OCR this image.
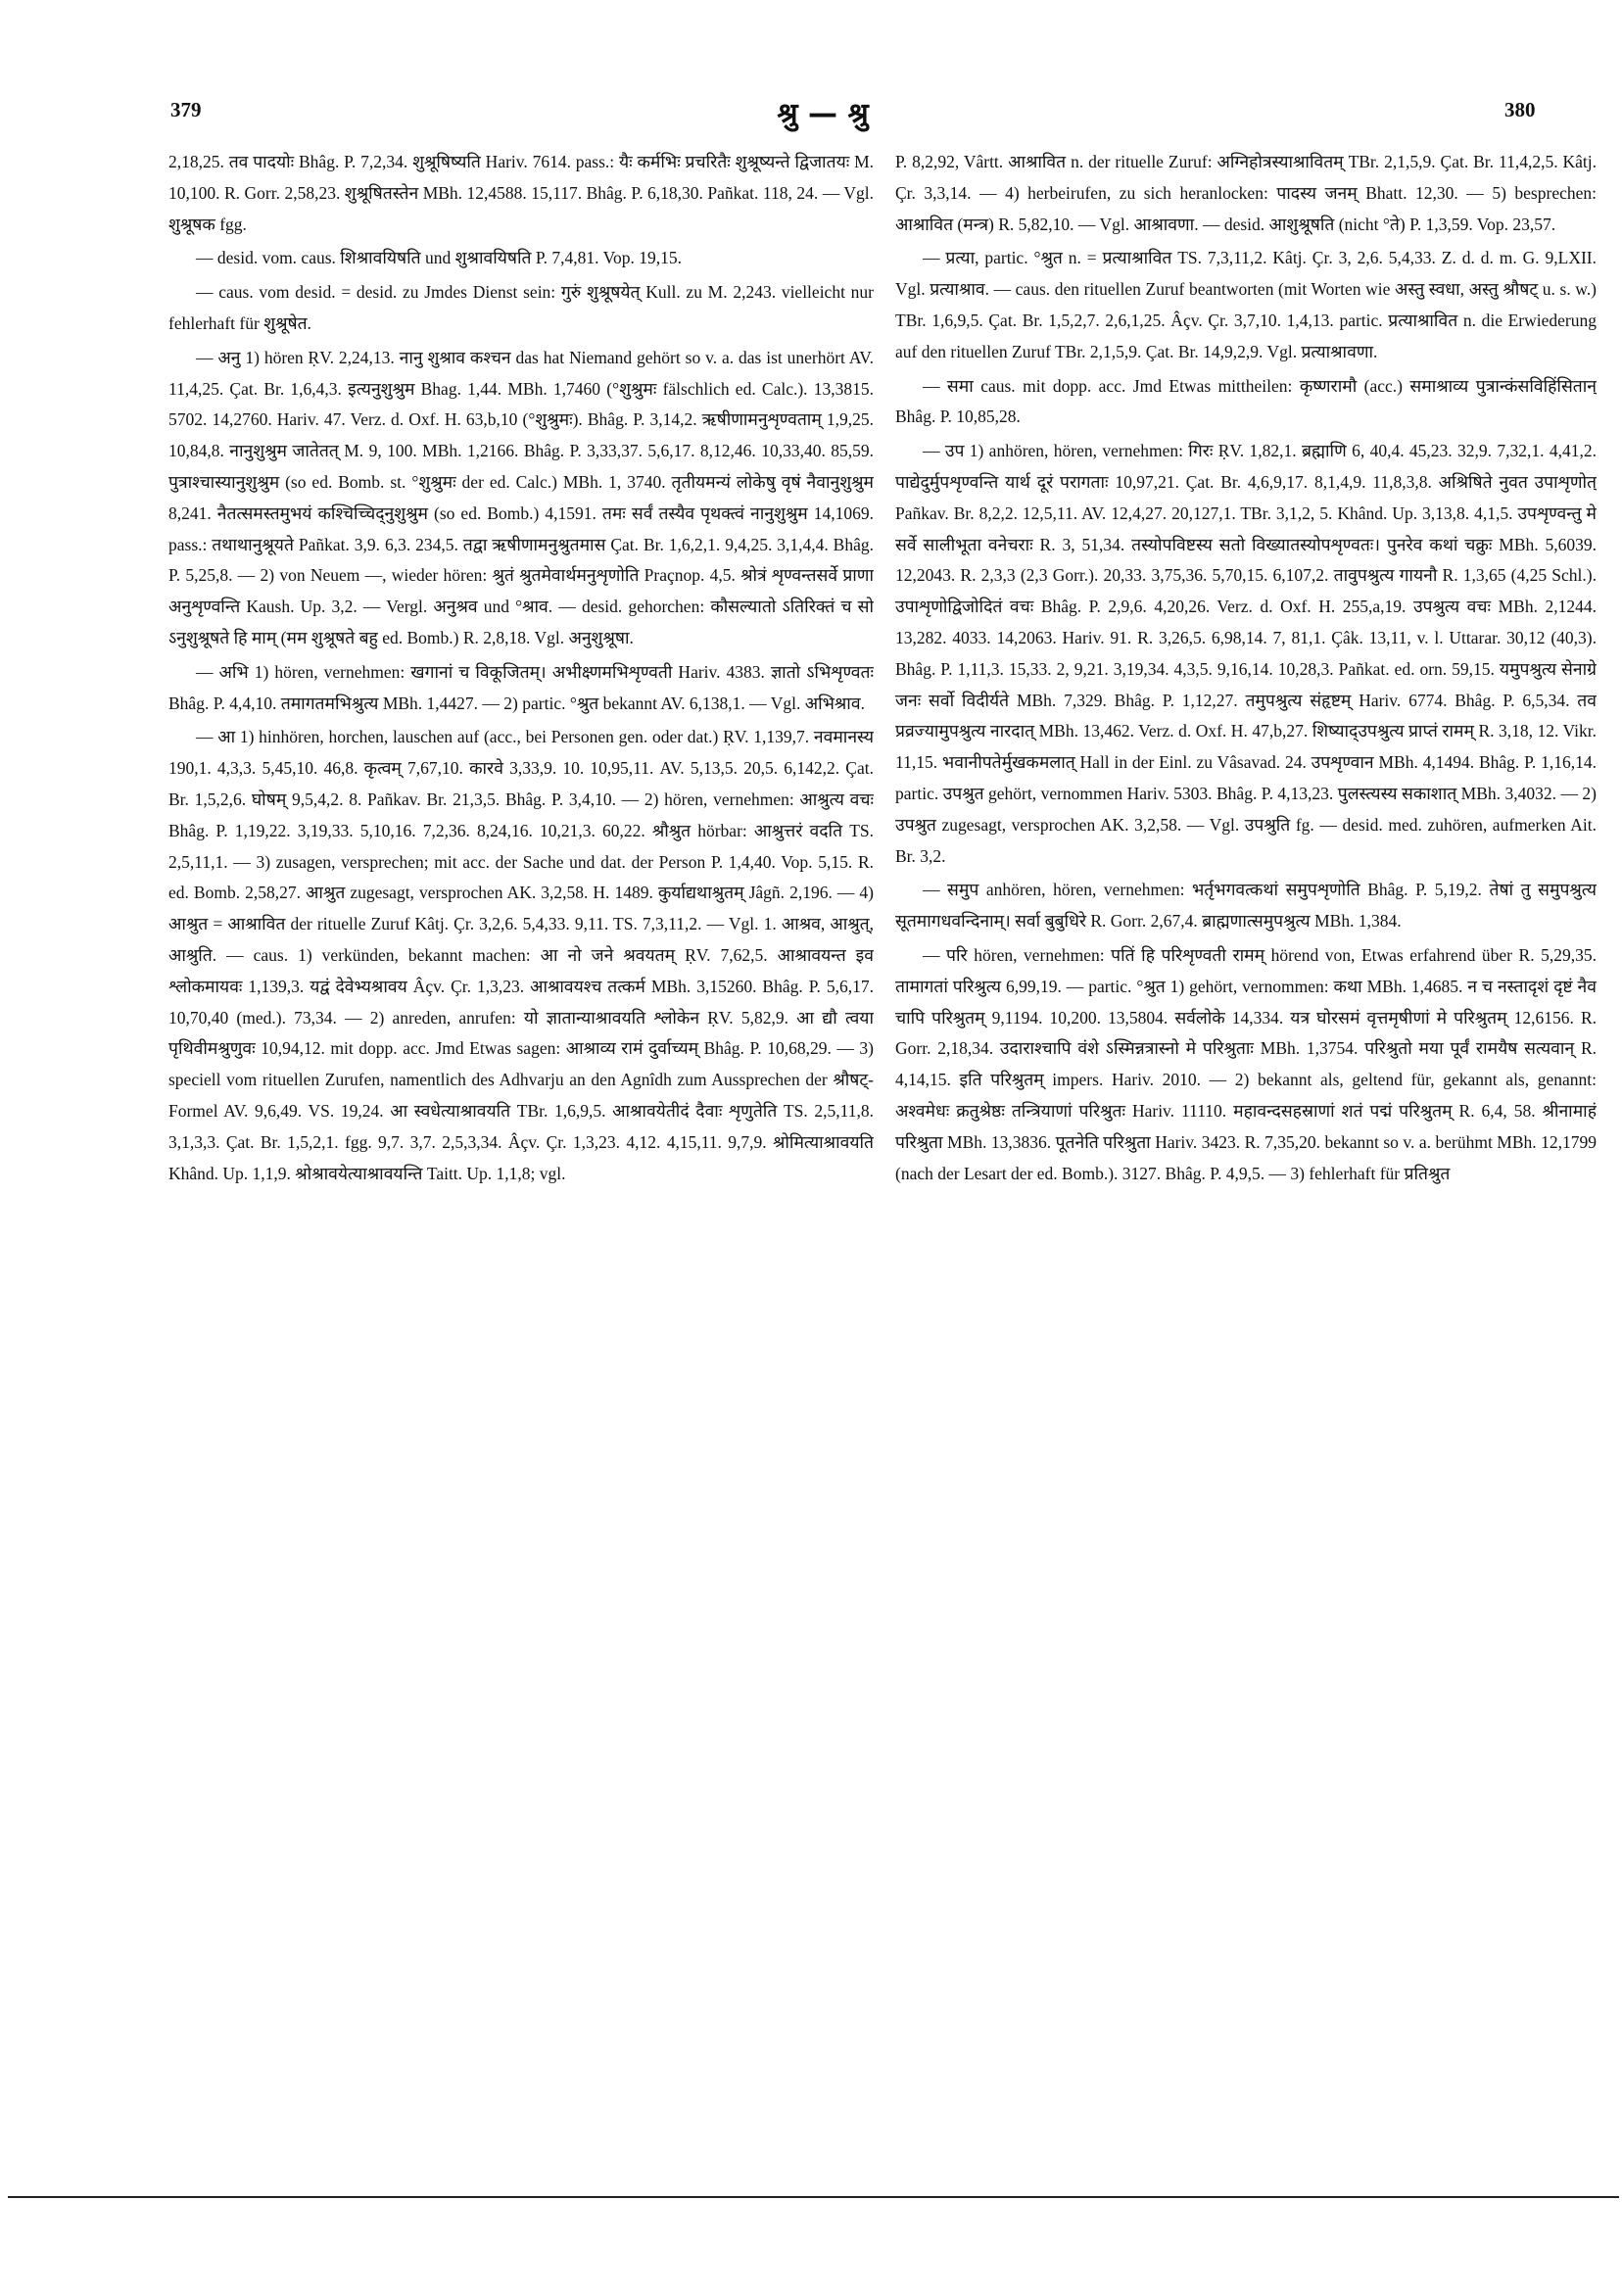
379	श्रु — श्रु	380

2,18,25. तव पादयोः Bhâg. P. 7,2,34. शुश्रूषिष्यति Hariv. 7614. pass.: यैः कर्मभिः प्रचरितैः शुश्रूष्यन्ते द्विजातयः M. 10,100. R. Gorr. 2,58,23. शुश्रूषितस्तेन MBh. 12,4588. 15,117. Bhâg. P. 6,18,30. Pañkat. 118, 24. — Vgl. शुश्रूषक fgg.

— desid. vom. caus. शिश्रावयिषति und शुश्रावयिषति P. 7,4,81. Vop. 19,15.

— caus. vom desid. = desid. zu Jmdes Dienst sein: गुरुं शुश्रूषयेत् Kull. zu M. 2,243. vielleicht nur fehlerhaft für शुश्रूषेत.

— अनु 1) hören ṚV. 2,24,13. नानु शुश्राव कश्चन das hat Niemand gehört so v. a. das ist unerhört AV. 11,4,25. Çat. Br. 1,6,4,3. इत्यनुशुश्रुम Bhag. 1,44. MBh. 1,7460 (°शुश्रुमः fälschlich ed. Calc.). 13,3815. 5702. 14,2760. Hariv. 47. Verz. d. Oxf. H. 63,b,10 (°शुश्रुमः). Bhâg. P. 3,14,2. ऋषीणामनुशृण्वताम् 1,9,25. 10,84,8. नानुशुश्रुम जातेतत् M. 9, 100. MBh. 1,2166. Bhâg. P. 3,33,37. 5,6,17. 8,12,46. 10,33,40. 85,59. पुत्राश्चास्यानुशुश्रुम (so ed. Bomb. st. °शुश्रुमः der ed. Calc.) MBh. 1, 3740. तृतीयमन्यं लोकेषु वृषं नैवानुशुश्रुम 8,241. नैतत्समस्तमुभयं कश्चिच्चिद्‌नुशुश्रुम (so ed. Bomb.) 4,1591. तमः सर्वं तस्यैव पृथक्त्वं नानुशुश्रुम 14,1069. pass.: तथाथानुश्रूयते Pañkat. 3,9. 6,3. 234,5. तद्वा ऋषीणामनुश्रुतमास Çat. Br. 1,6,2,1. 9,4,25. 3,1,4,4. Bhâg. P. 5,25,8. — 2) von Neuem —, wieder hören: श्रुतं श्रुतमेवार्थमनुशृणोति Praçnop. 4,5. श्रोत्रं शृण्वन्तसर्वे प्राणा अनुशृण्वन्ति Kaush. Up. 3,2. — Vergl. अनुश्रव und °श्राव. — desid. gehorchen: कौसल्यातो ऽतिरिक्तं च सो ऽनुशुश्रूषते हि माम् (मम शुश्रूषते बहु ed. Bomb.) R. 2,8,18. Vgl. अनुशुश्रूषा.

— अभि 1) hören, vernehmen: खगानां च विकूजितम्। अभीक्ष्णमभिशृण्वती Hariv. 4383. ज्ञातो ऽभिशृण्वतः Bhâg. P. 4,4,10. तमागतमभिश्रुत्य MBh. 1,4427. — 2) partic. °श्रुत bekannt AV. 6,138,1. — Vgl. अभिश्राव.

— आ 1) hinhören, horchen, lauschen auf (acc., bei Personen gen. oder dat.) ṚV. 1,139,7. नवमानस्य 190,1. 4,3,3. 5,45,10. 46,8. कृत्वम् 7,67,10. कारवे 3,33,9. 10. 10,95,11. AV. 5,13,5. 20,5. 6,142,2. Çat. Br. 1,5,2,6. घोषम् 9,5,4,2. 8. Pañkav. Br. 21,3,5. Bhâg. P. 3,4,10. — 2) hören, vernehmen: आश्रुत्य वचः Bhâg. P. 1,19,22. 3,19,33. 5,10,16. 7,2,36. 8,24,16. 10,21,3. 60,22. श्रौश्रुत hörbar: आश्रुत्तरं वदति TS. 2,5,11,1. — 3) zusagen, versprechen; mit acc. der Sache und dat. der Person P. 1,4,40. Vop. 5,15. R. ed. Bomb. 2,58,27. आश्रुत zugesagt, versprochen AK. 3,2,58. H. 1489. कुर्याद्यथाश्रुतम् Jâgñ. 2,196. — 4) आश्रुत = आश्रावित der rituelle Zuruf Kâtj. Çr. 3,2,6. 5,4,33. 9,11. TS. 7,3,11,2. — Vgl. 1. आश्रव, आश्रुत्, आश्रुति. — caus. 1) verkünden, bekannt machen: आ नो जने श्रवयतम् ṚV. 7,62,5. आश्रावयन्त इव श्लोकमायवः 1,139,3. यद्वं देवेभ्यश्रावय Âçv. Çr. 1,3,23. आश्रावयश्च तत्कर्म MBh. 3,15260. Bhâg. P. 5,6,17. 10,70,40 (med.). 73,34. — 2) anreden, anrufen: यो ज्ञातान्याश्रावयति श्लोकेन ṚV. 5,82,9. आ द्यौ त्वया पृथिवीमश्रुणुवः 10,94,12. mit dopp. acc. Jmd Etwas sagen: आश्राव्य रामं दुर्वाच्यम् Bhâg. P. 10,68,29. — 3) speciell vom rituellen Zurufen, namentlich des Adhvarju an den Agnîdh zum Aussprechen der श्रौषट्-Formel AV. 9,6,49. VS. 19,24. आ स्वधेत्याश्रावयति TBr. 1,6,9,5. आश्रावयेतीदं दैवाः शृणुतेति TS. 2,5,11,8. 3,1,3,3. Çat. Br. 1,5,2,1. fgg. 9,7. 3,7. 2,5,3,34. Âçv. Çr. 1,3,23. 4,12. 4,15,11. 9,7,9. श्रोमित्याश्रावयति Khând. Up. 1,1,9. श्रोश्रावयेत्याश्रावयन्ति Taitt. Up. 1,1,8; vgl.

P. 8,2,92, Vârtt. आश्रावित n. der rituelle Zuruf: अग्निहोत्रस्याश्रावितम् TBr. 2,1,5,9. Çat. Br. 11,4,2,5. Kâtj. Çr. 3,3,14. — 4) herbeirufen, zu sich heranlocken: पादस्य जनम् Bhatt. 12,30. — 5) besprechen: आश्रावित (मन्त्र) R. 5,82,10. — Vgl. आश्रावणा. — desid. आशुश्रूषति (nicht °ते) P. 1,3,59. Vop. 23,57.

— प्रत्या, partic. °श्रुत n. = प्रत्याश्रावित TS. 7,3,11,2. Kâtj. Çr. 3, 2,6. 5,4,33. Z. d. d. m. G. 9,LXII. Vgl. प्रत्याश्राव. — caus. den rituellen Zuruf beantworten (mit Worten wie अस्तु स्वधा, अस्तु श्रौषट् u. s. w.) TBr. 1,6,9,5. Çat. Br. 1,5,2,7. 2,6,1,25. Âçv. Çr. 3,7,10. 1,4,13. partic. प्रत्याश्रावित n. die Erwiederung auf den rituellen Zuruf TBr. 2,1,5,9. Çat. Br. 14,9,2,9. Vgl. प्रत्याश्रावणा.

— समा caus. mit dopp. acc. Jmd Etwas mittheilen: कृष्णरामौ (acc.) समाश्राव्य पुत्रान्कंसविहिंसितान् Bhâg. P. 10,85,28.

— उप 1) anhören, hören, vernehmen: गिरः ṚV. 1,82,1. ब्रह्माणि 6, 40,4. 45,23. 32,9. 7,32,1. 4,41,2. पाद्येदुर्मुपशृण्वन्ति यार्थ दूरं परागताः 10,97,21. Çat. Br. 4,6,9,17. 8,1,4,9. 11,8,3,8. अश्रिषिते नुवत उपाशृणोत् Pañkav. Br. 8,2,2. 12,5,11. AV. 12,4,27. 20,127,1. TBr. 3,1,2, 5. Khând. Up. 3,13,8. 4,1,5. उपशृण्वन्तु मे सर्वे सालीभूता वनेचराः R. 3, 51,34. तस्योपविष्टस्य सतो विख्यातस्योपशृण्वतः। पुनरेव कथां चक्रुः MBh. 5,6039. 12,2043. R. 2,3,3 (2,3 Gorr.). 20,33. 3,75,36. 5,70,15. 6,107,2. तावुपश्रुत्य गायनौ R. 1,3,65 (4,25 Schl.). उपाशृणोद्विजोदितं वचः Bhâg. P. 2,9,6. 4,20,26. Verz. d. Oxf. H. 255,a,19. उपश्रुत्य वचः MBh. 2,1244. 13,282. 4033. 14,2063. Hariv. 91. R. 3,26,5. 6,98,14. 7, 81,1. Çâk. 13,11, v. l. Uttarar. 30,12 (40,3). Bhâg. P. 1,11,3. 15,33. 2, 9,21. 3,19,34. 4,3,5. 9,16,14. 10,28,3. Pañkat. ed. orn. 59,15. यमुपश्रुत्य सेनाग्रे जनः सर्वो विदीर्यते MBh. 7,329. Bhâg. P. 1,12,27. तमुपश्रुत्य संहृष्टम् Hariv. 6774. Bhâg. P. 6,5,34. तव प्रव्रज्यामुपश्रुत्य नारदात् MBh. 13,462. Verz. d. Oxf. H. 47,b,27. शिष्याद्उपश्रुत्य प्राप्तं रामम् R. 3,18, 12. Vikr. 11,15. भवानीपतेर्मुखकमलात् Hall in der Einl. zu Vâsavad. 24. उपशृण्वान MBh. 4,1494. Bhâg. P. 1,16,14. partic. उपश्रुत gehört, vernommen Hariv. 5303. Bhâg. P. 4,13,23. पुलस्त्यस्य सकाशात् MBh. 3,4032. — 2) उपश्रुत zugesagt, versprochen AK. 3,2,58. — Vgl. उपश्रुति fg. — desid. med. zuhören, aufmerken Ait. Br. 3,2.

— समुप anhören, hören, vernehmen: भर्तृभगवत्कथां समुपशृणोति Bhâg. P. 5,19,2. तेषां तु समुपश्रुत्य सूतमागधवन्दिनाम्। सर्वा बुबुधिरे R. Gorr. 2,67,4. ब्राह्मणात्समुपश्रुत्य MBh. 1,384.

— परि hören, vernehmen: पतिं हि परिशृण्वती रामम् hörend von, Etwas erfahrend über R. 5,29,35. तामागतां परिश्रुत्य 6,99,19. — partic. °श्रुत 1) gehört, vernommen: कथा MBh. 1,4685. न च नस्तादृशं दृष्टं नैव चापि परिश्रुतम् 9,1194. 10,200. 13,5804. सर्वलोके 14,334. यत्र घोरसमं वृत्तमृषीणां मे परिश्रुतम् 12,6156. R. Gorr. 2,18,34. उदाराश्चापि वंशे ऽस्मिन्नत्रास्नो मे परिश्रुताः MBh. 1,3754. परिश्रुतो मया पूर्वं रामयैष सत्यवान् R. 4,14,15. इति परिश्रुतम् impers. Hariv. 2010. — 2) bekannt als, geltend für, gekannt als, genannt: अश्वमेधः क्रतुश्रेष्ठः तन्त्रियाणां परिश्रुतः Hariv. 11110. महावन्दसहस्राणां शतं पद्मं परिश्रुतम् R. 6,4, 58. श्रीनामाहं परिश्रुता MBh. 13,3836. पूतनेति परिश्रुता Hariv. 3423. R. 7,35,20. bekannt so v. a. berühmt MBh. 12,1799 (nach der Lesart der ed. Bomb.). 3127. Bhâg. P. 4,9,5. — 3) fehlerhaft für प्रतिश्रुत
